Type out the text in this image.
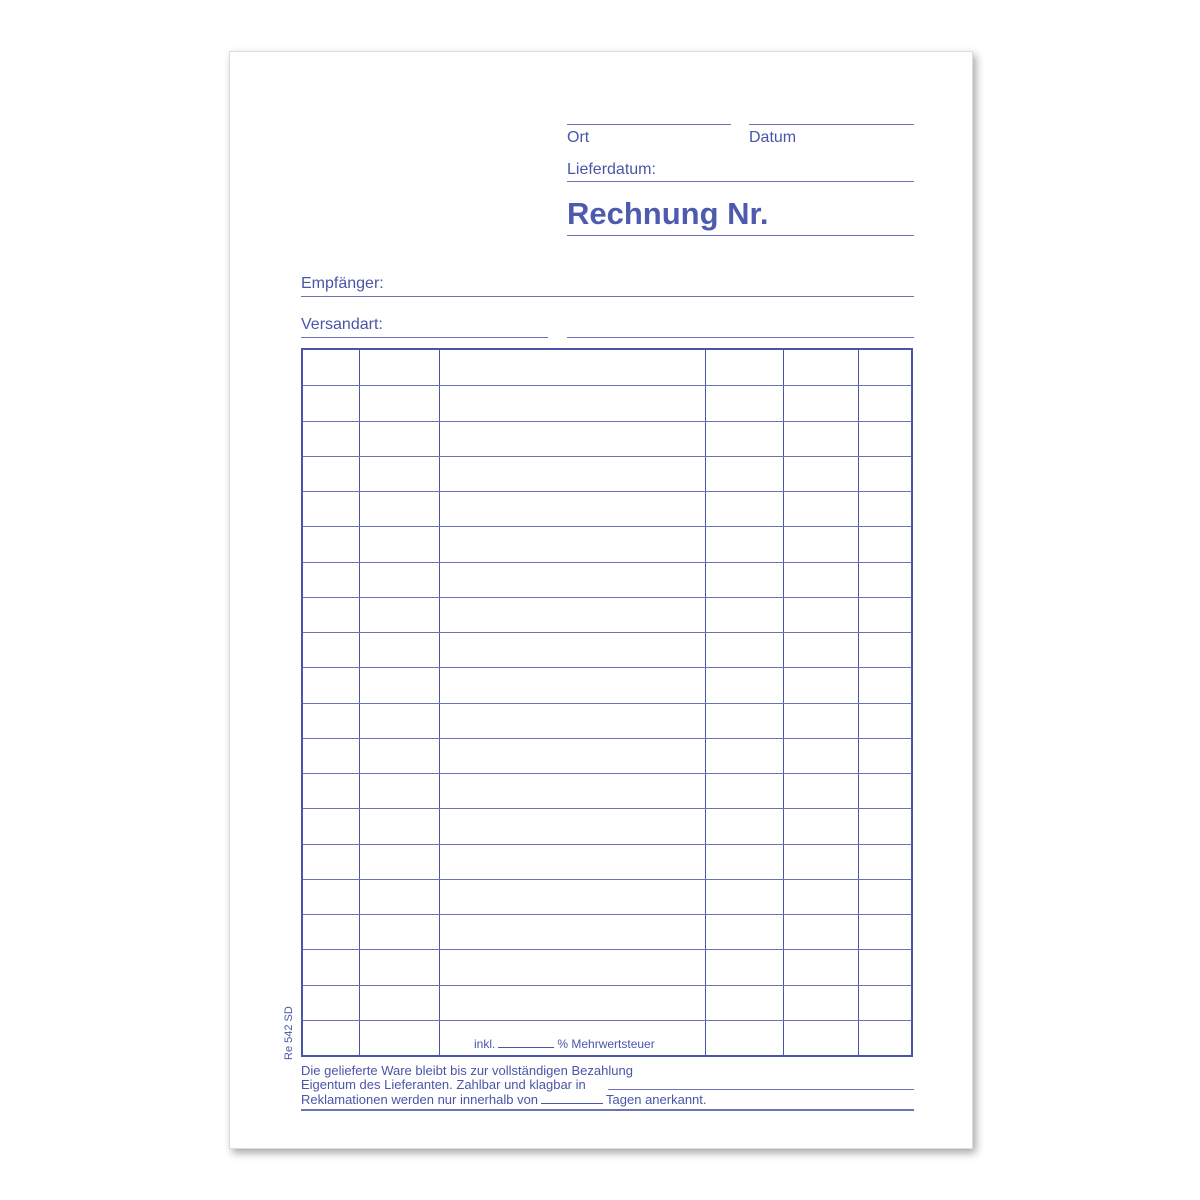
Ort	Datum
Lieferdatum:
Rechnung Nr.
Empfänger:
Versandart:
inkl.	% Mehrwertsteuer
Re 542 SD
Die gelieferte Ware bleibt bis zur vollständigen Bezahlung
Eigentum des Lieferanten. Zahlbar und klagbar in
Reklamationen werden nur innerhalb von	Tagen anerkannt.
